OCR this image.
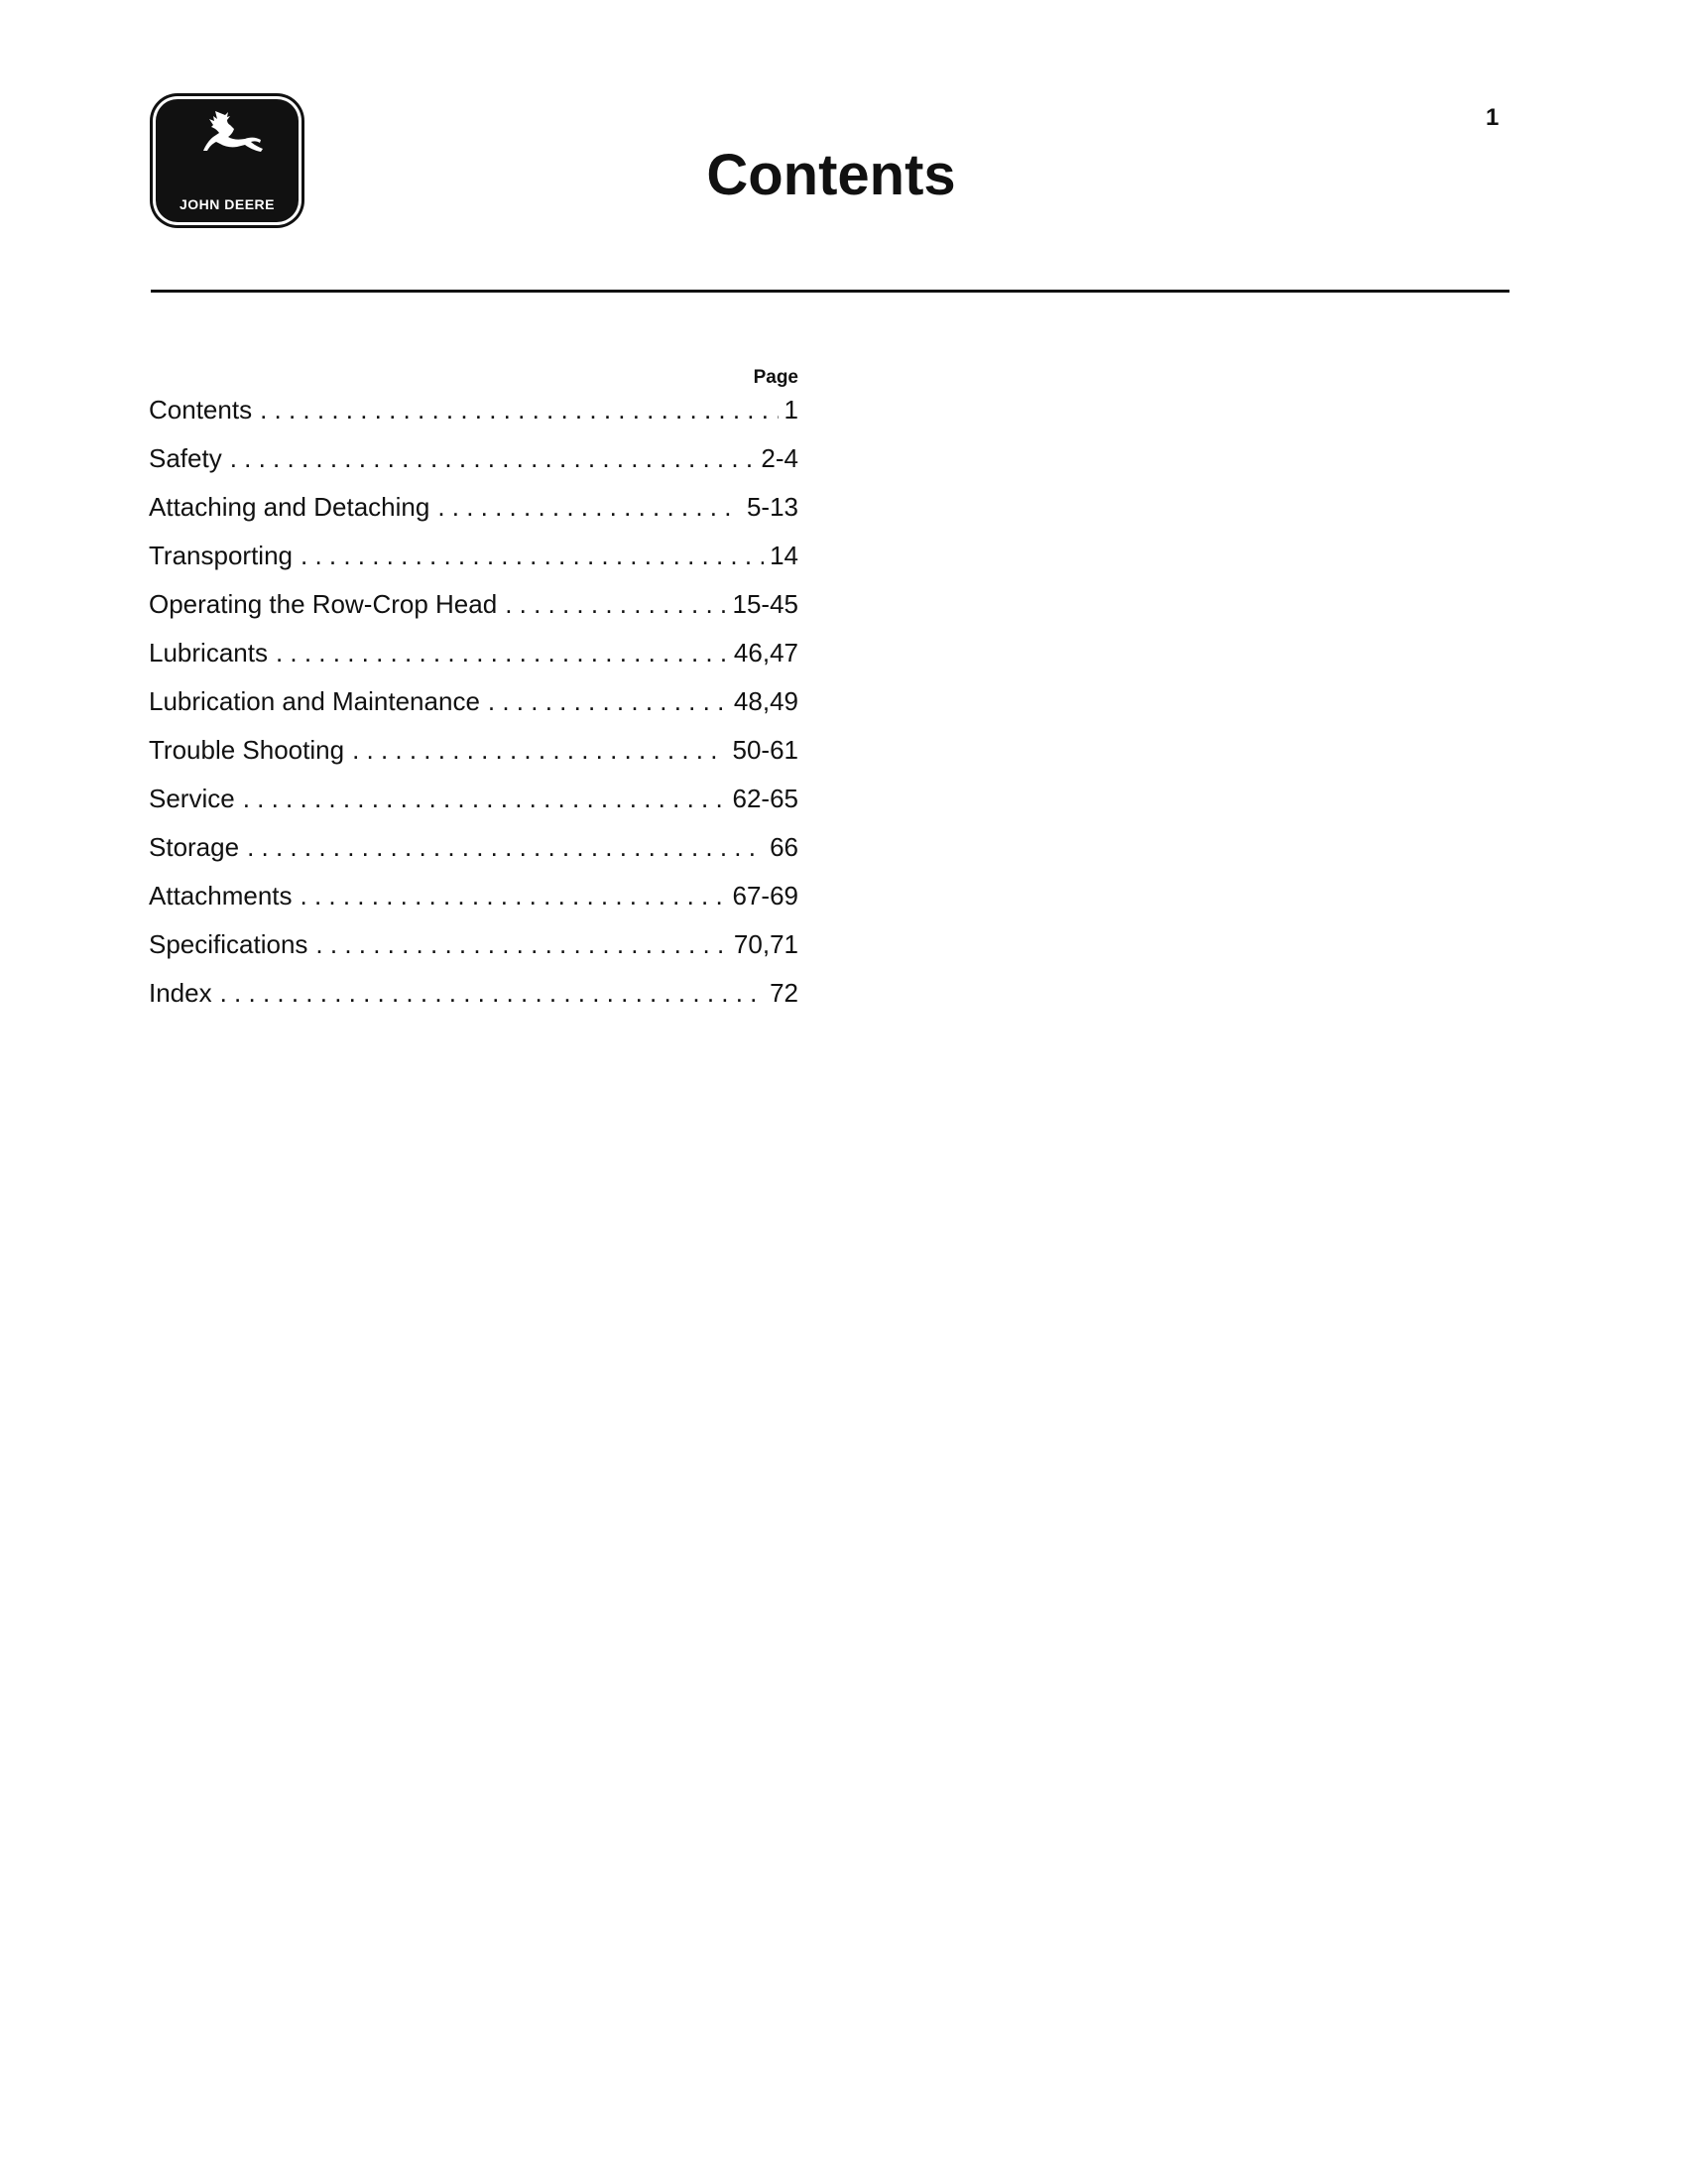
1
JOHN DEERE	Contents
Page
Contents . . .	1
Safety . . .	2-4
Attaching and Detaching . . .	5-13
Transporting . . .	14
Operating the Row-Crop Head . . .	15-45
Lubricants . . .	46,47
Lubrication and Maintenance . . .	48,49
Trouble Shooting . . .	50-61
Service . . .	62-65
Storage . . .	66
Attachments . . .	67-69
Specifications . . .	70,71
Index . . .	72
